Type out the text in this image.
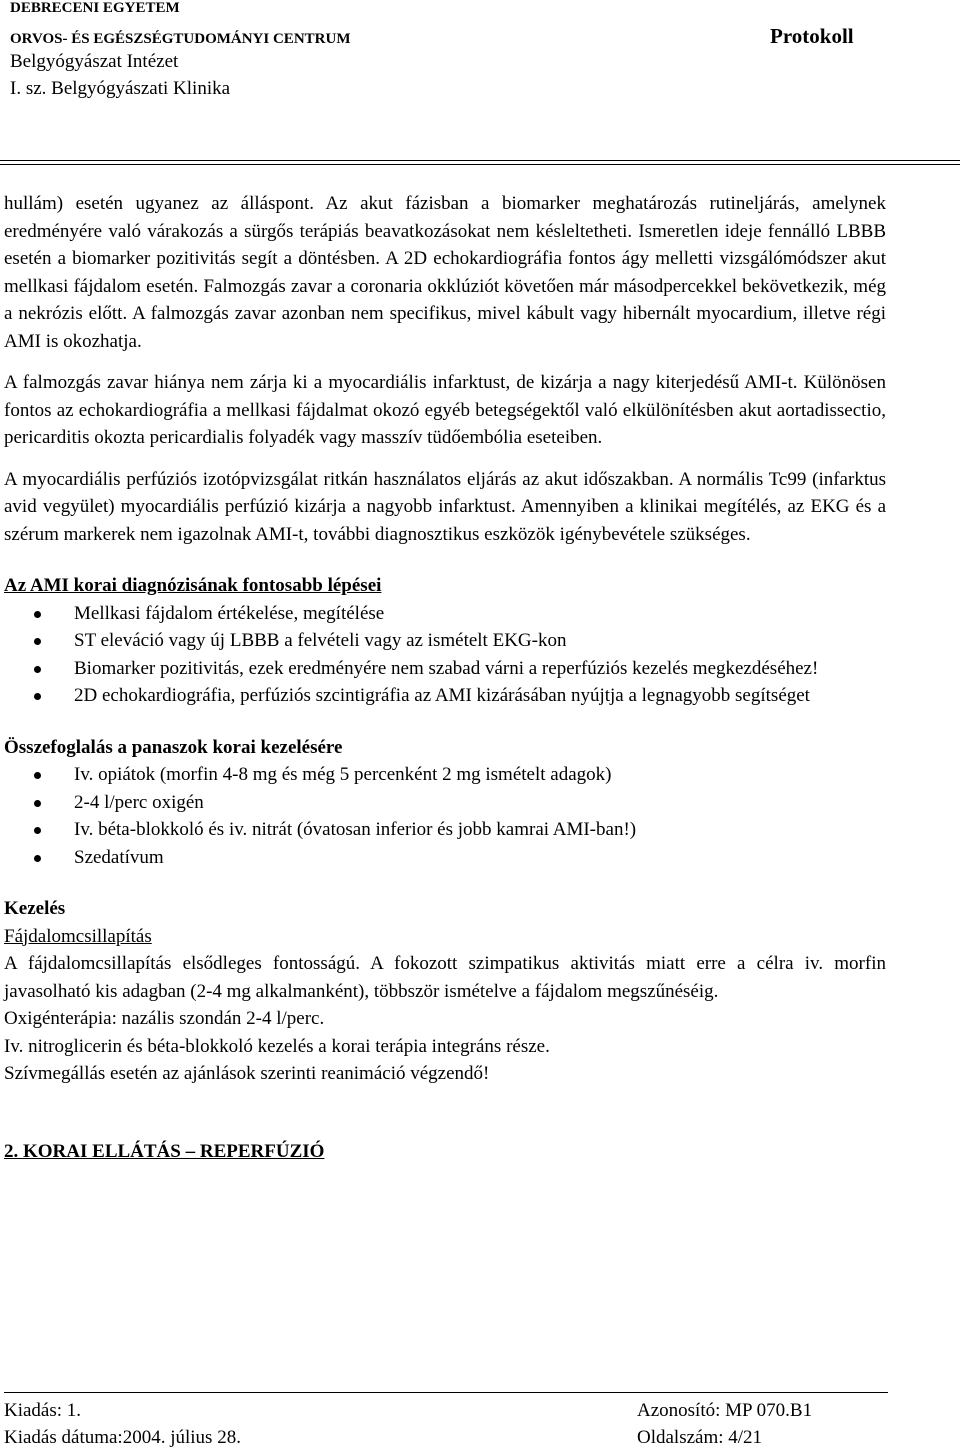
DEBRECENI EGYETEM
ORVOS- ÉS EGÉSZSÉGTUDOMÁNYI CENTRUM
Belgyógyászat Intézet
I. sz. Belgyógyászati Klinika
Protokoll

hullám) esetén ugyanez az álláspont. Az akut fázisban a biomarker meghatározás rutineljárás, amelynek eredményére való várakozás a sürgős terápiás beavatkozásokat nem késleltetheti. Ismeretlen ideje fennálló LBBB esetén a biomarker pozitivitás segít a döntésben. A 2D echokardiográfia fontos ágy melletti vizsgálómódszer akut mellkasi fájdalom esetén. Falmozgás zavar a coronaria okklúziót követően már másodpercekkel bekövetkezik, még a nekrózis előtt. A falmozgás zavar azonban nem specifikus, mivel kábult vagy hibernált myocardium, illetve régi AMI is okozhatja.

A falmozgás zavar hiánya nem zárja ki a myocardiális infarktust, de kizárja a nagy kiterjedésű AMI-t. Különösen fontos az echokardiográfia a mellkasi fájdalmat okozó egyéb betegségektől való elkülönítésben akut aortadissectio, pericarditis okozta pericardialis folyadék vagy masszív tüdőembólia eseteiben.

A myocardiális perfúziós izotópvizsgálat ritkán használatos eljárás az akut időszakban. A normális Tc99 (infarktus avid vegyület) myocardiális perfúzió kizárja a nagyobb infarktust. Amennyiben a klinikai megítélés, az EKG és a szérum markerek nem igazolnak AMI-t, további diagnosztikus eszközök igénybevétele szükséges.

Az AMI korai diagnózisának fontosabb lépései
Mellkasi fájdalom értékelése, megítélése
ST eleváció vagy új LBBB a felvételi vagy az ismételt EKG-kon
Biomarker pozitivitás, ezek eredményére nem szabad várni a reperfúziós kezelés megkezdéséhez!
2D echokardiográfia, perfúziós szcintigráfia az AMI kizárásában nyújtja a legnagyobb segítséget
Összefoglalás a panaszok korai kezelésére
Iv. opiátok (morfin 4-8 mg és még 5 percenként 2 mg ismételt adagok)
2-4 l/perc oxigén
Iv. béta-blokkoló és iv. nitrát (óvatosan inferior és jobb kamrai AMI-ban!)
Szedatívum
Kezelés
Fájdalomcsillapítás

A fájdalomcsillapítás elsődleges fontosságú. A fokozott szimpatikus aktivitás miatt erre a célra iv. morfin javasolható kis adagban (2-4 mg alkalmanként), többször ismételve a fájdalom megszűnéséig.

Oxigénterápia: nazális szondán 2-4 l/perc.
Iv. nitroglicerin és béta-blokkoló kezelés a korai terápia integráns része.
Szívmegállás esetén az ajánlások szerinti reanimáció végzendő!
2. KORAI ELLÁTÁS – REPERFÚZIÓ
Kiadás: 1.	Azonosító: MP 070.B1
Kiadás dátuma:2004. július 28.	Oldalszám: 4/21
